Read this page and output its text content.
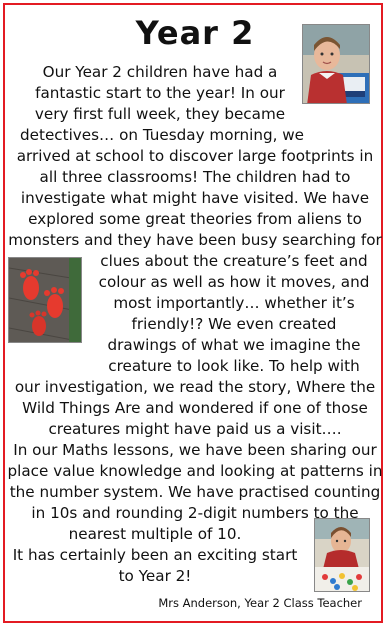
Year 2
Our Year 2 children have had a
fantastic start to the year! In our
very first full week, they became
detectives… on Tuesday morning, we
arrived at school to discover large footprints in
all three classrooms! The children had to
investigate what might have visited. We have
explored some great theories from aliens to
monsters and they have been busy searching for
clues about the creature’s feet and
colour as well as how it moves, and
most importantly… whether it’s
friendly!? We even created
drawings of what we imagine the
creature to look like. To help with
our investigation, we read the story, Where the
Wild Things Are and wondered if one of those
creatures might have paid us a visit….
In our Maths lessons, we have been sharing our
place value knowledge and looking at patterns in
the number system. We have practised counting
in 10s and rounding 2-digit numbers to the
nearest multiple of 10.
It has certainly been an exciting start
to Year 2!
Mrs Anderson, Year 2 Class Teacher
